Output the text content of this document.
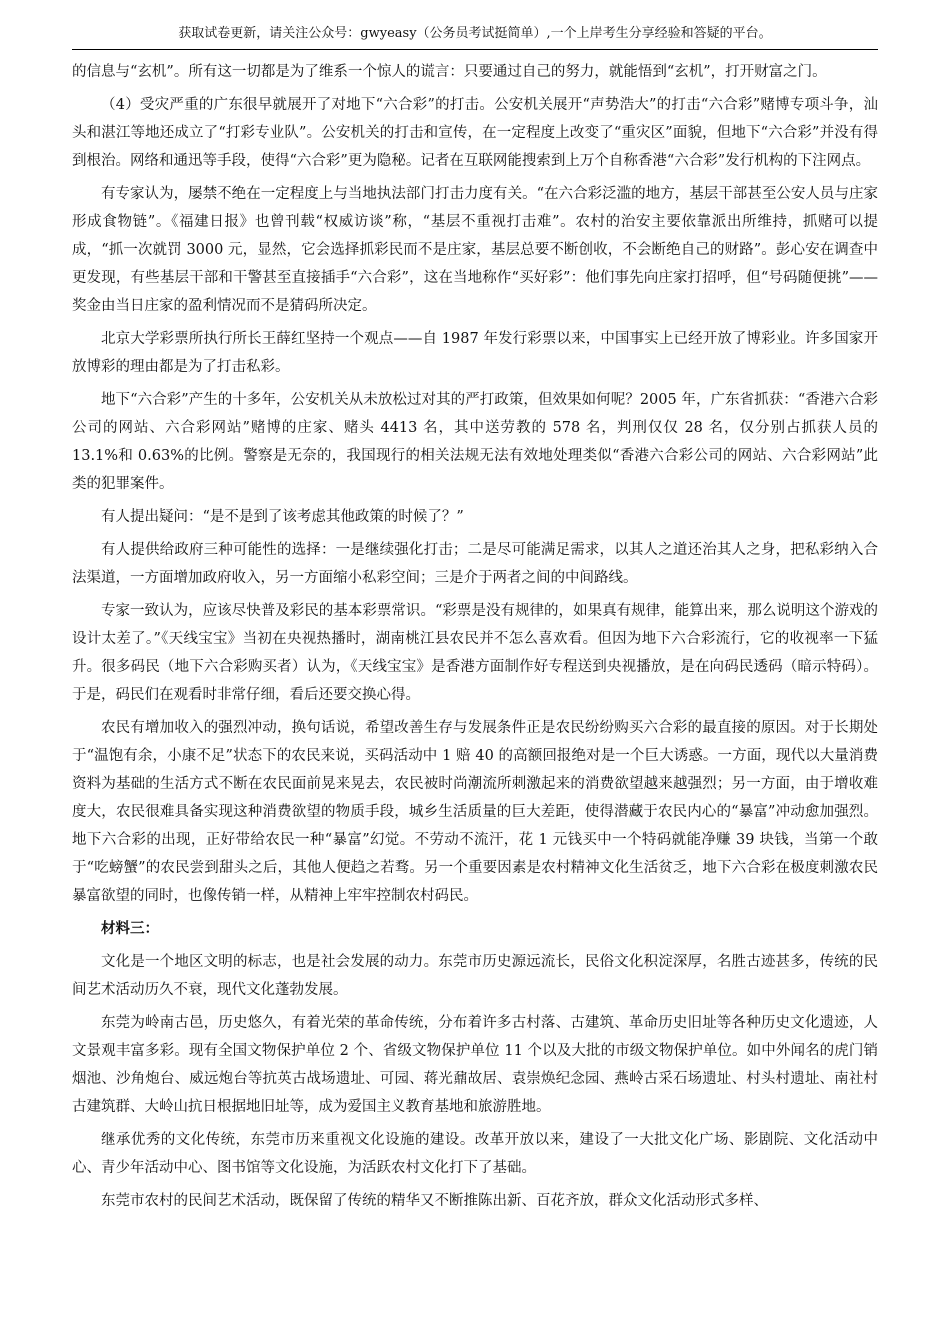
获取试卷更新，请关注公众号：gwyeasy（公务员考试挺简单）,一个上岸考生分享经验和答疑的平台。

的信息与“玄机”。所有这一切都是为了维系一个惊人的谎言：只要通过自己的努力，就能悟到“玄机”，打开财富之门。

（4）受灾严重的广东很早就展开了对地下“六合彩”的打击。公安机关展开“声势浩大”的打击“六合彩”赌博专项斗争，汕头和湛江等地还成立了“打彩专业队”。公安机关的打击和宣传，在一定程度上改变了“重灾区”面貌，但地下“六合彩”并没有得到根治。网络和通迅等手段，使得“六合彩”更为隐秘。记者在互联网能搜索到上万个自称香港“六合彩”发行机构的下注网点。

有专家认为，屡禁不绝在一定程度上与当地执法部门打击力度有关。“在六合彩泛滥的地方，基层干部甚至公安人员与庄家形成食物链”。《福建日报》也曾刊载“权威访谈”称，“基层不重视打击难”。农村的治安主要依靠派出所维持，抓赌可以提成，“抓一次就罚 3000 元，显然，它会选择抓彩民而不是庄家，基层总要不断创收，不会断绝自己的财路”。彭心安在调查中更发现，有些基层干部和干警甚至直接插手“六合彩”，这在当地称作“买好彩”：他们事先向庄家打招呼，但“号码随便挑”——奖金由当日庄家的盈利情况而不是猜码所决定。

北京大学彩票所执行所长王薛红坚持一个观点——自 1987 年发行彩票以来，中国事实上已经开放了博彩业。许多国家开放博彩的理由都是为了打击私彩。

地下“六合彩”产生的十多年，公安机关从未放松过对其的严打政策，但效果如何呢？2005 年，广东省抓获：“香港六合彩公司的网站、六合彩网站”赌博的庄家、赌头 4413 名，其中送劳教的 578 名，判刑仅仅 28 名，仅分别占抓获人员的 13.1%和 0.63%的比例。警察是无奈的，我国现行的相关法规无法有效地处理类似“香港六合彩公司的网站、六合彩网站”此类的犯罪案件。

有人提出疑问：“是不是到了该考虑其他政策的时候了？”

有人提供给政府三种可能性的选择：一是继续强化打击；二是尽可能满足需求，以其人之道还治其人之身，把私彩纳入合法渠道，一方面增加政府收入，另一方面缩小私彩空间；三是介于两者之间的中间路线。

专家一致认为，应该尽快普及彩民的基本彩票常识。“彩票是没有规律的，如果真有规律，能算出来，那么说明这个游戏的设计太差了。”《天线宝宝》当初在央视热播时，湖南桃江县农民并不怎么喜欢看。但因为地下六合彩流行，它的收视率一下猛升。很多码民（地下六合彩购买者）认为，《天线宝宝》是香港方面制作好专程送到央视播放，是在向码民透码（暗示特码）。于是，码民们在观看时非常仔细，看后还要交换心得。

农民有增加收入的强烈冲动，换句话说，希望改善生存与发展条件正是农民纷纷购买六合彩的最直接的原因。对于长期处于“温饱有余，小康不足”状态下的农民来说，买码活动中 1 赔 40 的高额回报绝对是一个巨大诱惑。一方面，现代以大量消费资料为基础的生活方式不断在农民面前晃来晃去，农民被时尚潮流所刺激起来的消费欲望越来越强烈；另一方面，由于增收难度大，农民很难具备实现这种消费欲望的物质手段，城乡生活质量的巨大差距，使得潜藏于农民内心的“暴富”冲动愈加强烈。地下六合彩的出现，正好带给农民一种“暴富”幻觉。不劳动不流汗，花 1 元钱买中一个特码就能净赚 39 块钱，当第一个敢于“吃螃蟹”的农民尝到甜头之后，其他人便趋之若骛。另一个重要因素是农村精神文化生活贫乏，地下六合彩在极度刺激农民暴富欲望的同时，也像传销一样，从精神上牢牢控制农村码民。

材料三：

文化是一个地区文明的标志，也是社会发展的动力。东莞市历史源远流长，民俗文化积淀深厚，名胜古迹甚多，传统的民间艺术活动历久不衰，现代文化蓬勃发展。

东莞为岭南古邑，历史悠久，有着光荣的革命传统，分布着许多古村落、古建筑、革命历史旧址等各种历史文化遗迹，人文景观丰富多彩。现有全国文物保护单位 2 个、省级文物保护单位 11 个以及大批的市级文物保护单位。如中外闻名的虎门销烟池、沙角炮台、威远炮台等抗英古战场遗址、可园、蒋光鼐故居、袁崇焕纪念园、燕岭古采石场遗址、村头村遗址、南社村古建筑群、大岭山抗日根据地旧址等，成为爱国主义教育基地和旅游胜地。

继承优秀的文化传统，东莞市历来重视文化设施的建设。改革开放以来，建设了一大批文化广场、影剧院、文化活动中心、青少年活动中心、图书馆等文化设施，为活跃农村文化打下了基础。

东莞市农村的民间艺术活动，既保留了传统的精华又不断推陈出新、百花齐放，群众文化活动形式多样、
